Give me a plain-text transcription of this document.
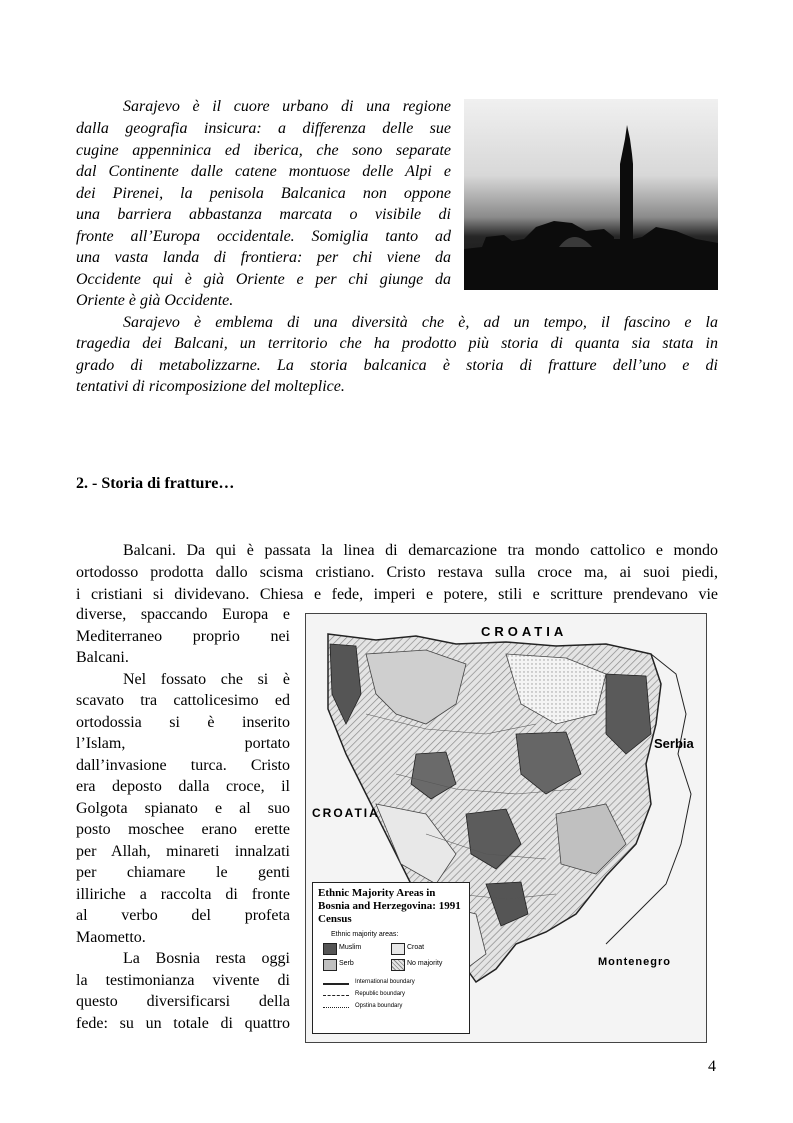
Sarajevo è il cuore urbano di una regione
dalla geografia insicura: a differenza delle sue
cugine appenninica ed iberica, che sono separate
dal Continente dalle catene montuose delle Alpi e
dei Pirenei, la penisola Balcanica non oppone
una barriera abbastanza marcata o visibile di
fronte all’Europa occidentale. Somiglia tanto ad
una vasta landa di frontiera: per chi viene da
Occidente qui è già Oriente e per chi giunge da
Oriente è già Occidente.
Sarajevo è emblema di una diversità che è, ad un tempo, il fascino e la
tragedia dei Balcani, un territorio che ha prodotto più storia di quanta sia stata in
grado di metabolizzarne. La storia balcanica è storia di fratture dell’uno e di
tentativi di ricomposizione del molteplice.
2. - Storia di fratture…
Balcani. Da qui è passata la linea di demarcazione tra mondo cattolico e mondo
ortodosso prodotta dallo scisma cristiano. Cristo restava sulla croce ma, ai suoi piedi,
i cristiani si dividevano. Chiesa e fede, imperi e potere, stili e scritture prendevano vie
diverse, spaccando Europa e
Mediterraneo proprio nei
Balcani.
Nel fossato che si è
scavato tra cattolicesimo ed
ortodossia si è inserito
l’Islam, portato
dall’invasione turca. Cristo
era deposto dalla croce, il
Golgota spianato e al suo
posto moschee erano erette
per Allah, minareti innalzati
per chiamare le genti
illiriche a raccolta di fronte
al verbo del profeta
Maometto.
La Bosnia resta oggi
la testimonianza vivente di
questo diversificarsi della
fede: su un totale di quattro
CROATIA
CROATIA
Serbia
Montenegro
Ethnic Majority Areas in Bosnia and Herzegovina: 1991 Census
Ethnic majority areas:
Muslim	Croat
Serb	No majority
International boundary
Republic boundary
Opstina boundary
4
